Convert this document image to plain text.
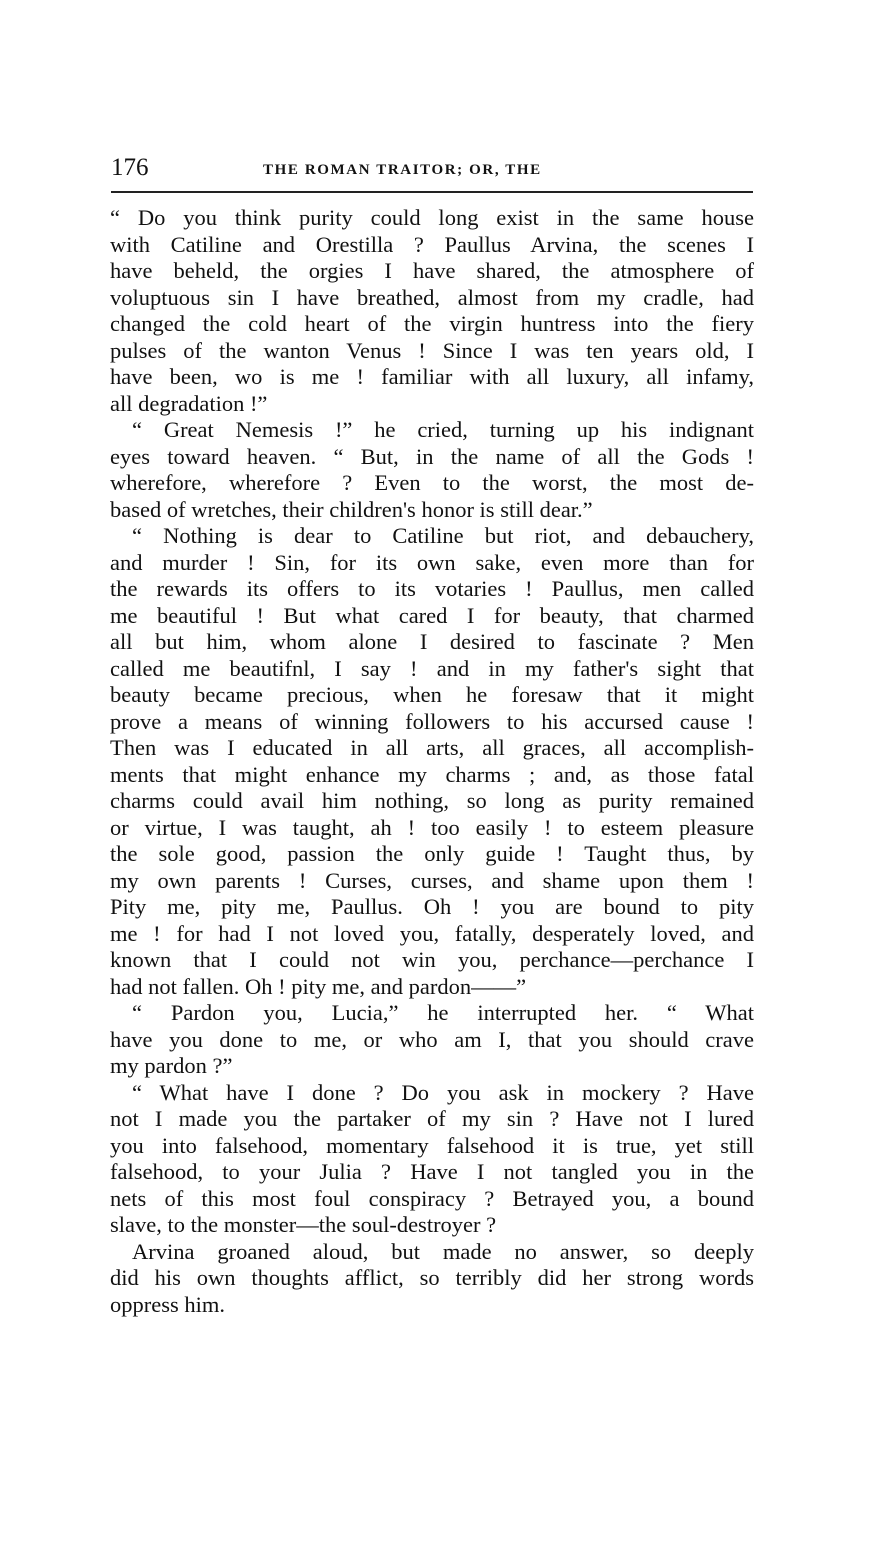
176	THE ROMAN TRAITOR; OR, THE
“ Do you think purity could long exist in the same house
with Catiline and Orestilla ? Paullus Arvina, the scenes I
have beheld, the orgies I have shared, the atmosphere of
voluptuous sin I have breathed, almost from my cradle, had
changed the cold heart of the virgin huntress into the fiery
pulses of the wanton Venus ! Since I was ten years old, I
have been, wo is me ! familiar with all luxury, all infamy,
all degradation !”
“ Great Nemesis !” he cried, turning up his indignant
eyes toward heaven. “ But, in the name of all the Gods !
wherefore, wherefore ? Even to the worst, the most de-
based of wretches, their children's honor is still dear.”
“ Nothing is dear to Catiline but riot, and debauchery,
and murder ! Sin, for its own sake, even more than for
the rewards its offers to its votaries ! Paullus, men called
me beautiful ! But what cared I for beauty, that charmed
all but him, whom alone I desired to fascinate ? Men
called me beautifnl, I say ! and in my father's sight that
beauty became precious, when he foresaw that it might
prove a means of winning followers to his accursed cause !
Then was I educated in all arts, all graces, all accomplish-
ments that might enhance my charms ; and, as those fatal
charms could avail him nothing, so long as purity remained
or virtue, I was taught, ah ! too easily ! to esteem pleasure
the sole good, passion the only guide ! Taught thus, by
my own parents ! Curses, curses, and shame upon them !
Pity me, pity me, Paullus. Oh ! you are bound to pity
me ! for had I not loved you, fatally, desperately loved, and
known that I could not win you, perchance—perchance I
had not fallen. Oh ! pity me, and pardon——”
“ Pardon you, Lucia,” he interrupted her. “ What
have you done to me, or who am I, that you should crave
my pardon ?”
“ What have I done ? Do you ask in mockery ? Have
not I made you the partaker of my sin ? Have not I lured
you into falsehood, momentary falsehood it is true, yet still
falsehood, to your Julia ? Have I not tangled you in the
nets of this most foul conspiracy ? Betrayed you, a bound
slave, to the monster—the soul-destroyer ?
Arvina groaned aloud, but made no answer, so deeply
did his own thoughts afflict, so terribly did her strong words
oppress him.
